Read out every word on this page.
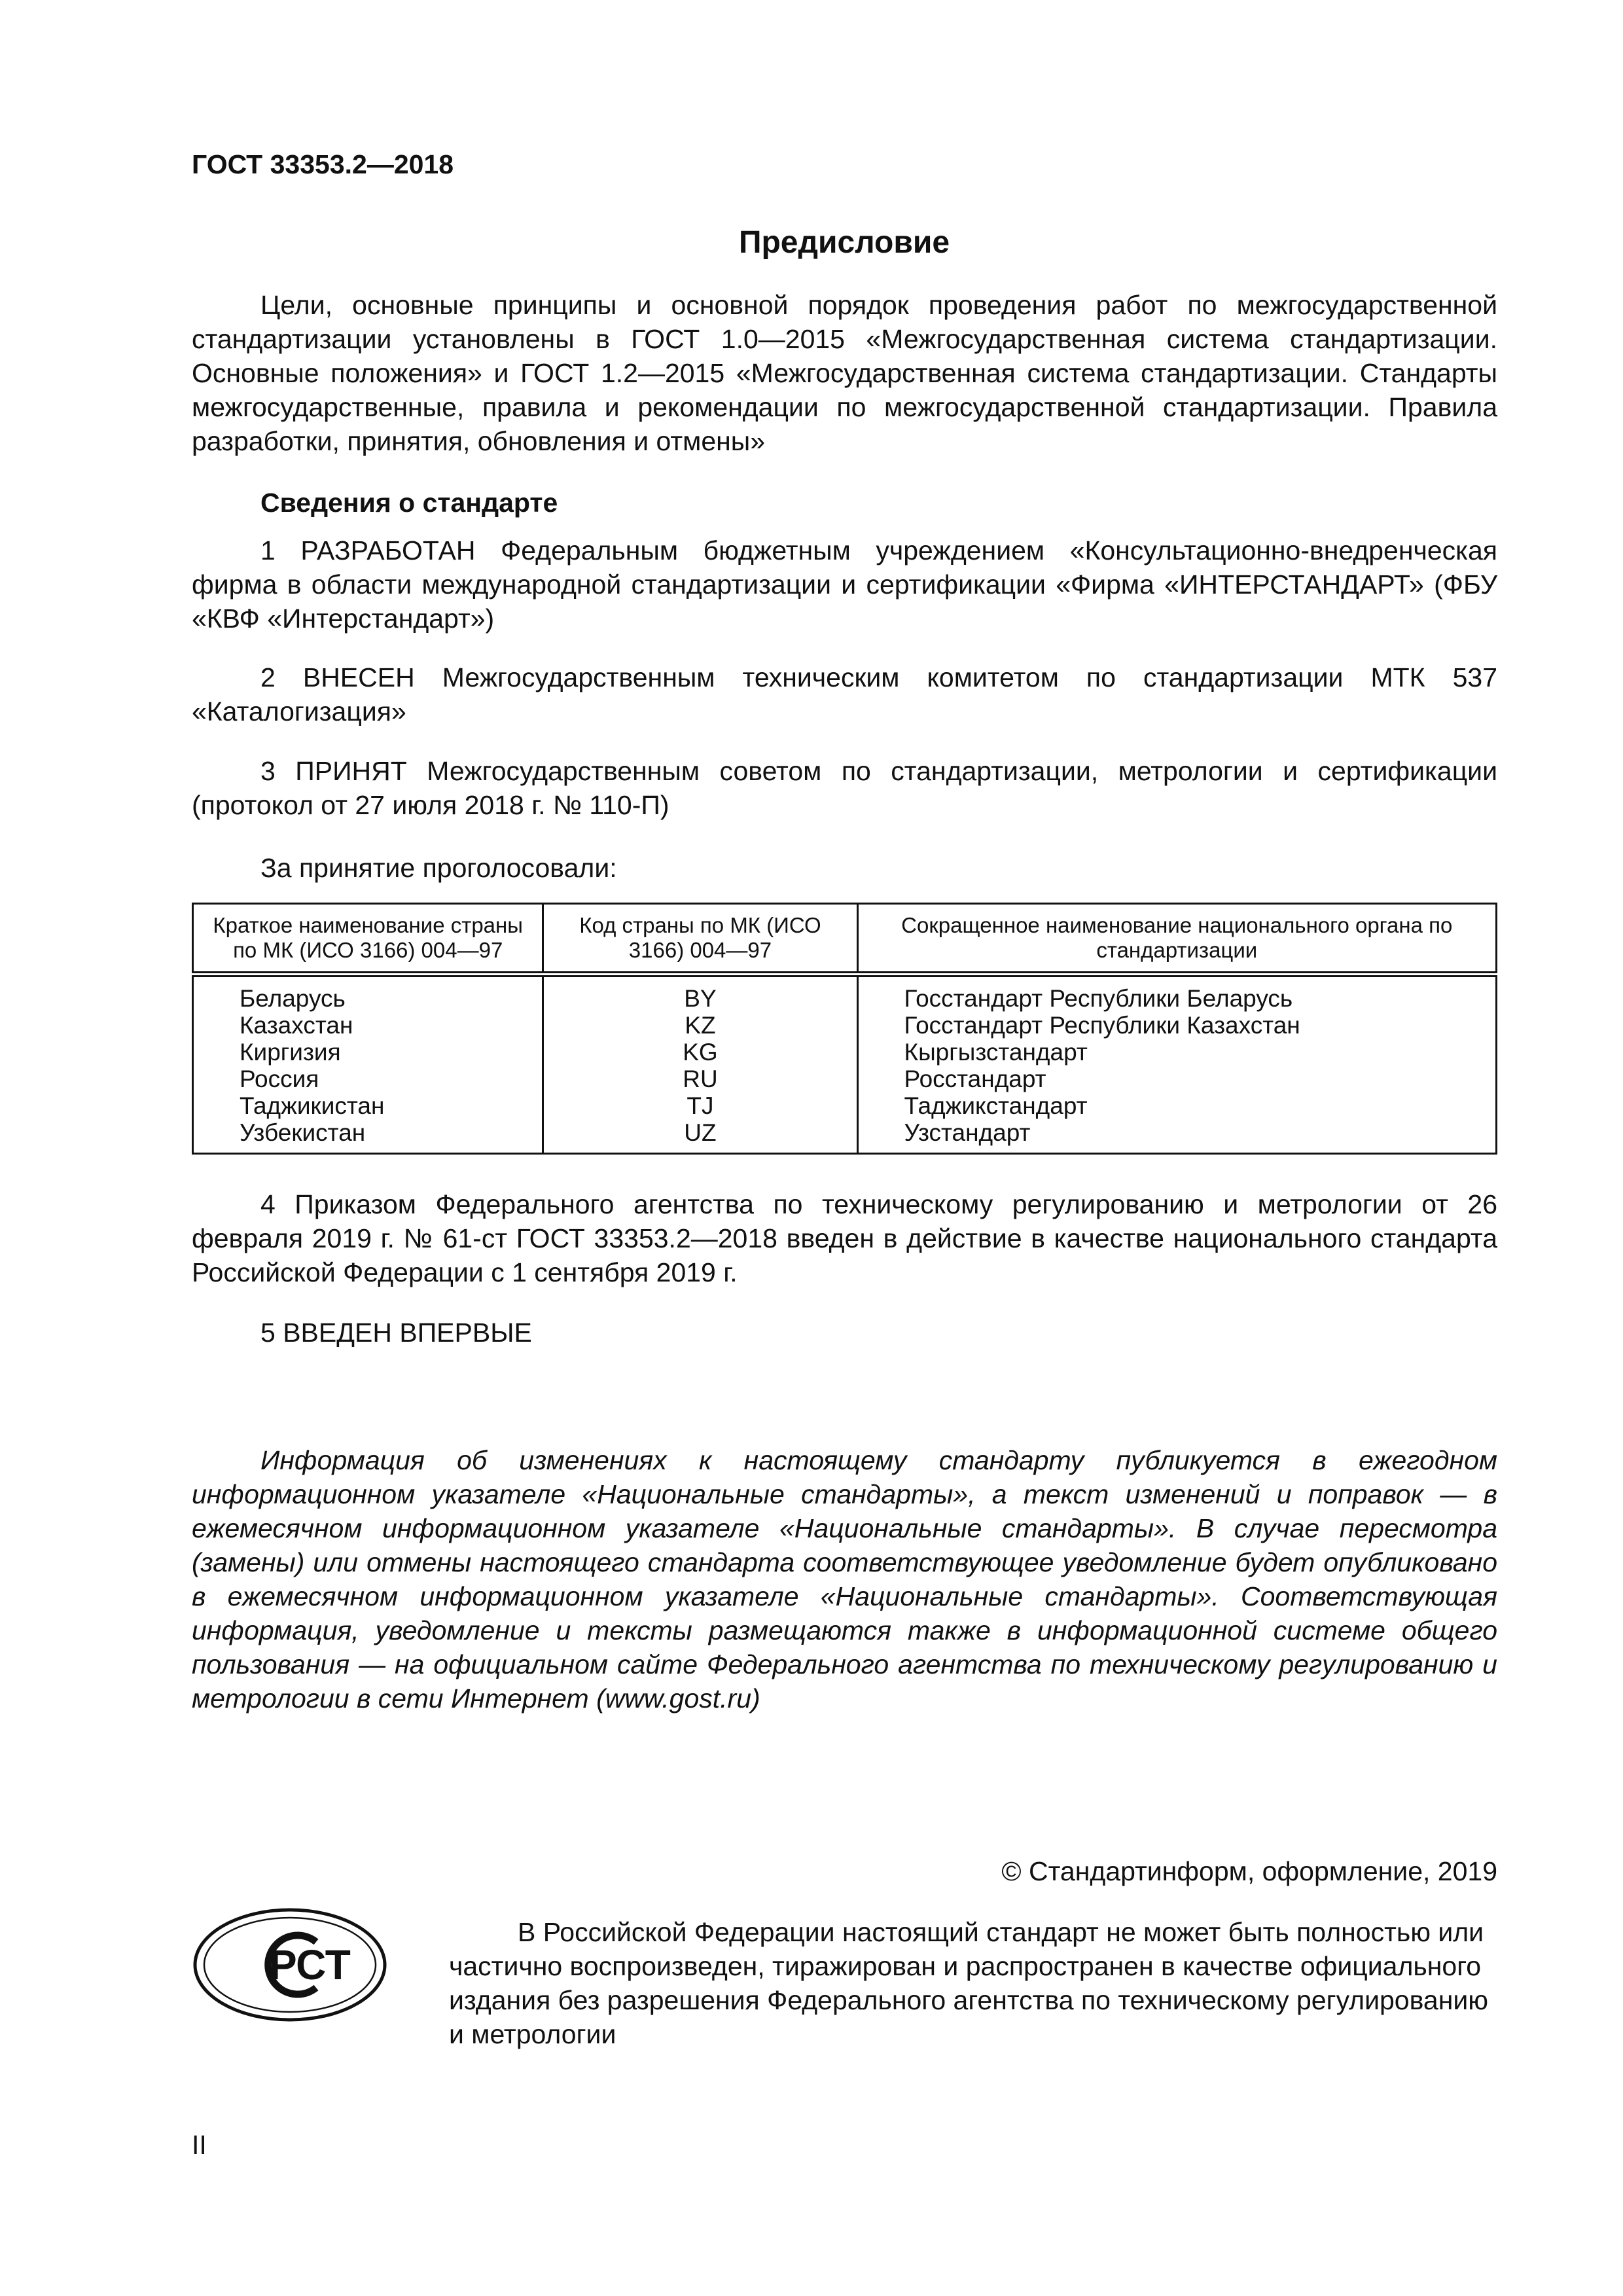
ГОСТ 33353.2—2018
Предисловие

Цели, основные принципы и основной порядок проведения работ по межгосударственной стандартизации установлены в ГОСТ 1.0—2015 «Межгосударственная система стандартизации. Основные положения» и ГОСТ 1.2—2015 «Межгосударственная система стандартизации. Стандарты межгосударственные, правила и рекомендации по межгосударственной стандартизации. Правила разработки, принятия, обновления и отмены»

Сведения о стандарте

1 РАЗРАБОТАН Федеральным бюджетным учреждением «Консультационно-внедренческая фирма в области международной стандартизации и сертификации «Фирма «ИНТЕРСТАНДАРТ» (ФБУ «КВФ «Интерстандарт»)

2 ВНЕСЕН Межгосударственным техническим комитетом по стандартизации МТК 537 «Каталогизация»

3 ПРИНЯТ Межгосударственным советом по стандартизации, метрологии и сертификации (протокол от 27 июля 2018 г. № 110-П)

За принятие проголосовали:
Краткое наименование страны по МК (ИСО 3166) 004—97	Код страны по МК (ИСО 3166) 004—97	Сокращенное наименование национального органа по стандартизации
Беларусь	BY	Госстандарт Республики Беларусь
Казахстан	KZ	Госстандарт Республики Казахстан
Киргизия	KG	Кыргызстандарт
Россия	RU	Росстандарт
Таджикистан	TJ	Таджикстандарт
Узбекистан	UZ	Узстандарт

4 Приказом Федерального агентства по техническому регулированию и метрологии от 26 февраля 2019 г. № 61-ст ГОСТ 33353.2—2018 введен в действие в качестве национального стандарта Российской Федерации с 1 сентября 2019 г.

5 ВВЕДЕН ВПЕРВЫЕ

Информация об изменениях к настоящему стандарту публикуется в ежегодном информационном указателе «Национальные стандарты», а текст изменений и поправок — в ежемесячном информационном указателе «Национальные стандарты». В случае пересмотра (замены) или отмены настоящего стандарта соответствующее уведомление будет опубликовано в ежемесячном информационном указателе «Национальные стандарты». Соответствующая информация, уведомление и тексты размещаются также в информационной системе общего пользования — на официальном сайте Федерального агентства по техническому регулированию и метрологии в сети Интернет (www.gost.ru)

© Стандартинформ, оформление, 2019
РСТ

В Российской Федерации настоящий стандарт не может быть полностью или частично воспроизведен, тиражирован и распространен в качестве официального издания без разрешения Федерального агентства по техническому регулированию и метрологии

II
